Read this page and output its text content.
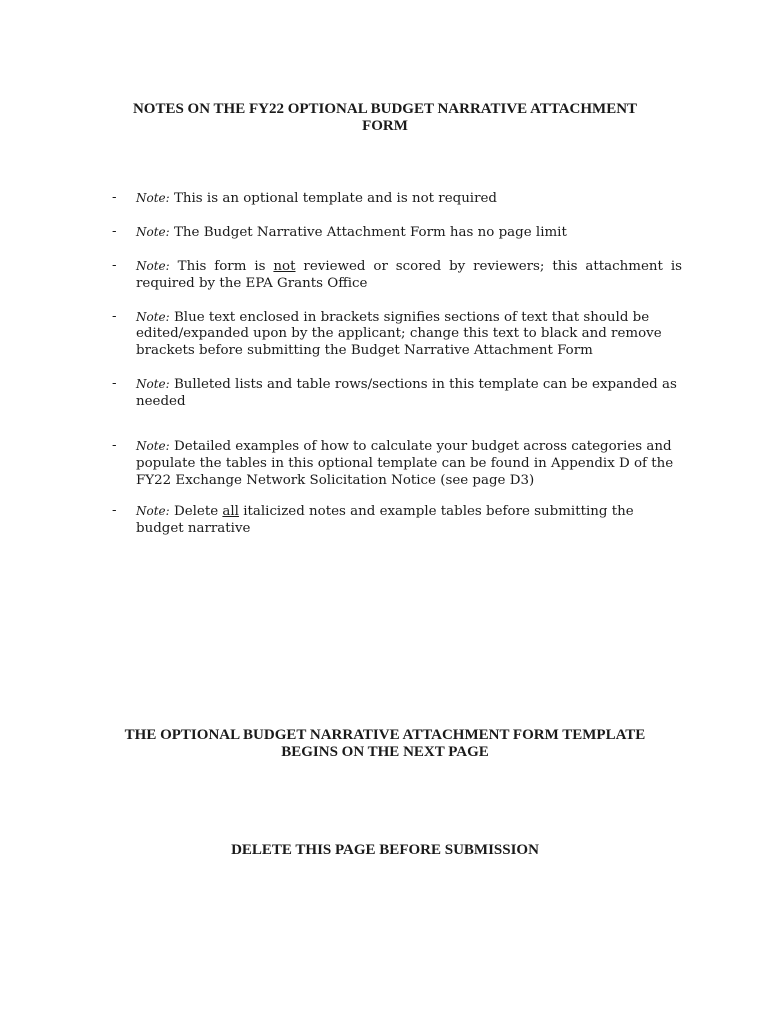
NOTES ON THE FY22 OPTIONAL BUDGET NARRATIVE ATTACHMENT
FORM
- Note: This is an optional template and is not required
- Note: The Budget Narrative Attachment Form has no page limit
- Note: This form is not reviewed or scored by reviewers; this attachment is required by the EPA Grants Office
- Note: Blue text enclosed in brackets signifies sections of text that should be edited/expanded upon by the applicant; change this text to black and remove brackets before submitting the Budget Narrative Attachment Form
- Note: Bulleted lists and table rows/sections in this template can be expanded as needed
- Note: Detailed examples of how to calculate your budget across categories and populate the tables in this optional template can be found in Appendix D of the FY22 Exchange Network Solicitation Notice (see page D3)
- Note: Delete all italicized notes and example tables before submitting the budget narrative
THE OPTIONAL BUDGET NARRATIVE ATTACHMENT FORM TEMPLATE
BEGINS ON THE NEXT PAGE
DELETE THIS PAGE BEFORE SUBMISSION
